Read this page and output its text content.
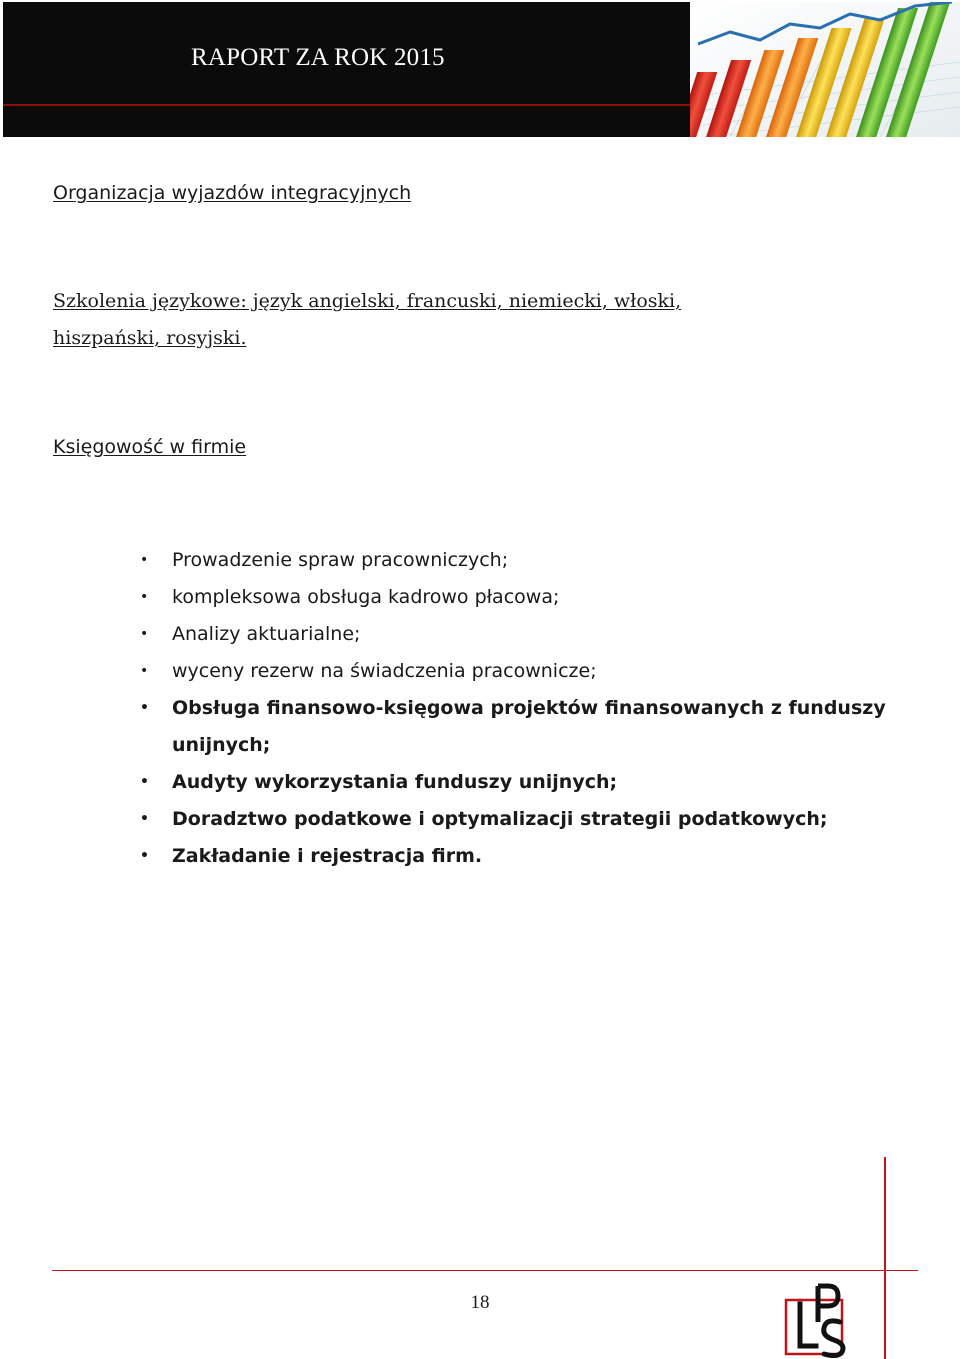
RAPORT ZA ROK 2015
Organizacja wyjazdów integracyjnych
Szkolenia językowe: język angielski, francuski, niemiecki, włoski,
hiszpański, rosyjski.
Księgowość w firmie
• Prowadzenie spraw pracowniczych;
• kompleksowa obsługa kadrowo płacowa;
• Analizy aktuarialne;
• wyceny rezerw na świadczenia pracownicze;
• Obsługa finansowo-księgowa projektów finansowanych z funduszy unijnych;
• Audyty wykorzystania funduszy unijnych;
• Doradztwo podatkowe i optymalizacji strategii podatkowych;
• Zakładanie i rejestracja firm.
18
